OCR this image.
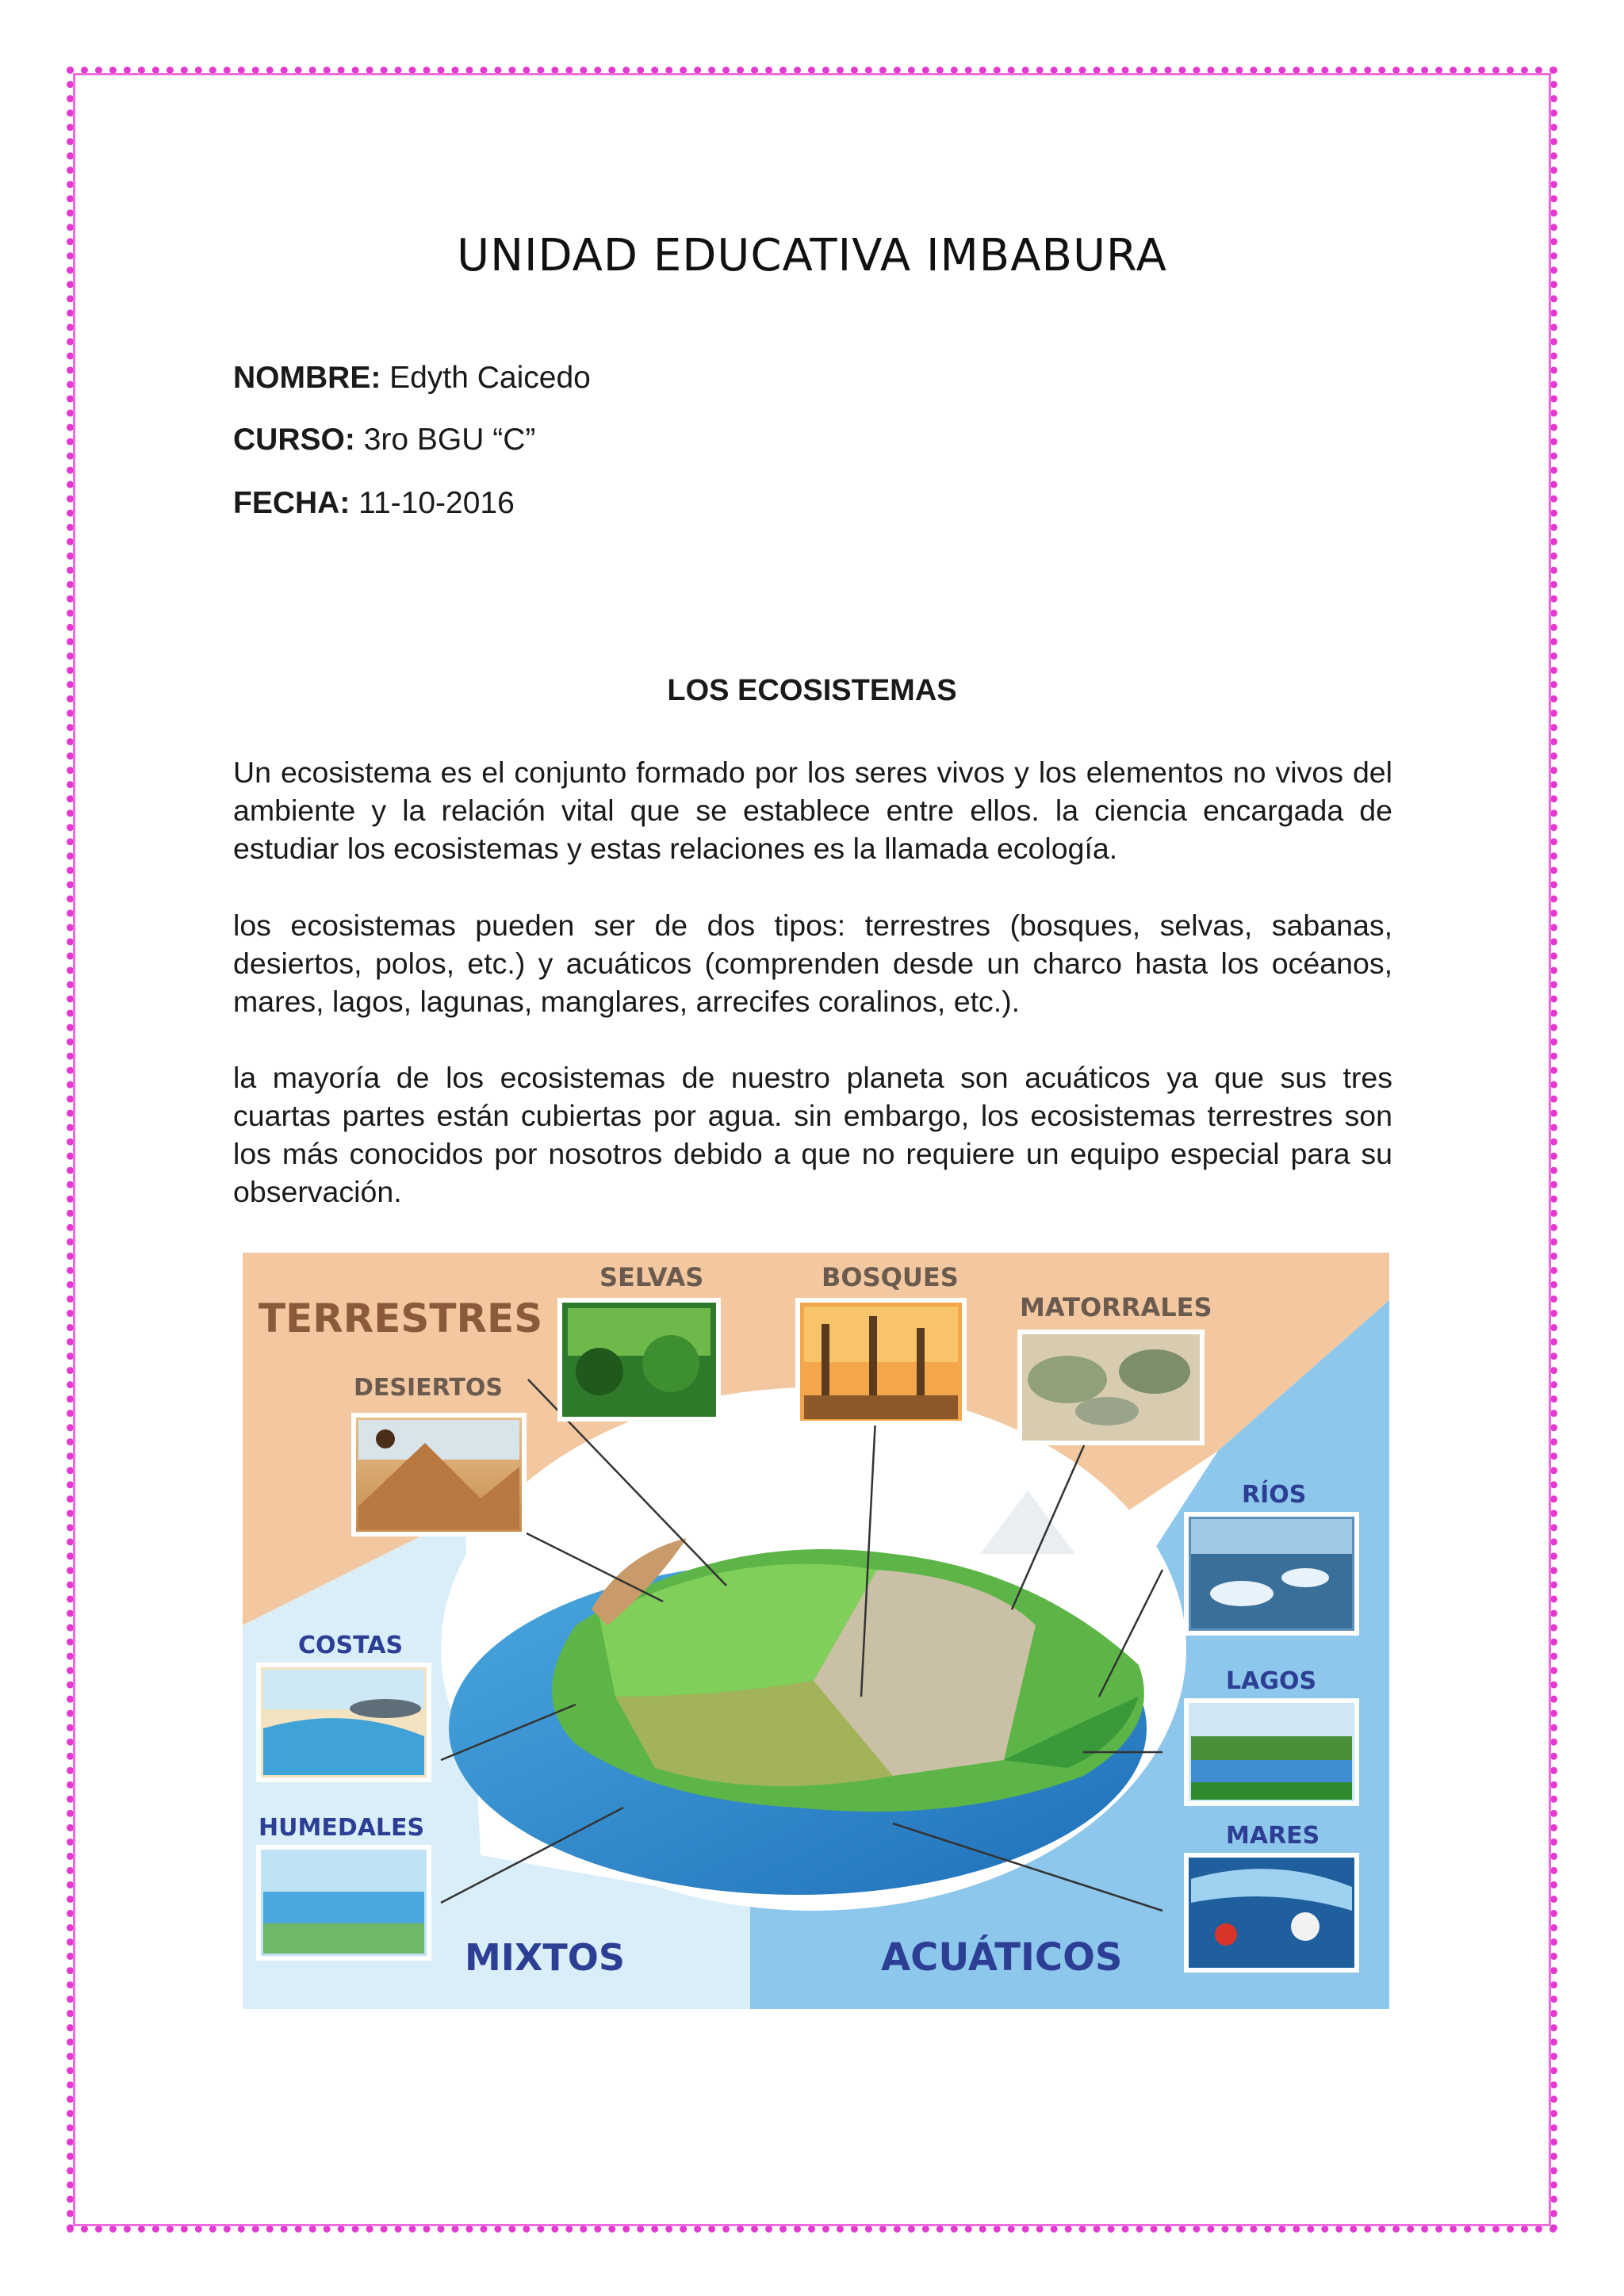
UNIDAD EDUCATIVA IMBABURA
NOMBRE: Edyth Caicedo
CURSO: 3ro BGU “C”
FECHA: 11-10-2016
LOS ECOSISTEMAS

Un ecosistema es el conjunto formado por los seres vivos y los elementos no vivos del ambiente y la relación vital que se establece entre ellos. la ciencia encargada de estudiar los ecosistemas y estas relaciones es la llamada ecología.

los ecosistemas pueden ser de dos tipos: terrestres (bosques, selvas, sabanas, desiertos, polos, etc.) y acuáticos (comprenden desde un charco hasta los océanos, mares, lagos, lagunas, manglares, arrecifes coralinos, etc.).

la mayoría de los ecosistemas de nuestro planeta son acuáticos ya que sus tres cuartas partes están cubiertas por agua. sin embargo, los ecosistemas terrestres son los más conocidos por nosotros debido a que no requiere un equipo especial para su observación.

TERRESTRES
MIXTOS	ACUÁTICOS
SELVAS	BOSQUES
MATORRALES
DESIERTOS
RÍOS
LAGOS
MARES
COSTAS
HUMEDALES
